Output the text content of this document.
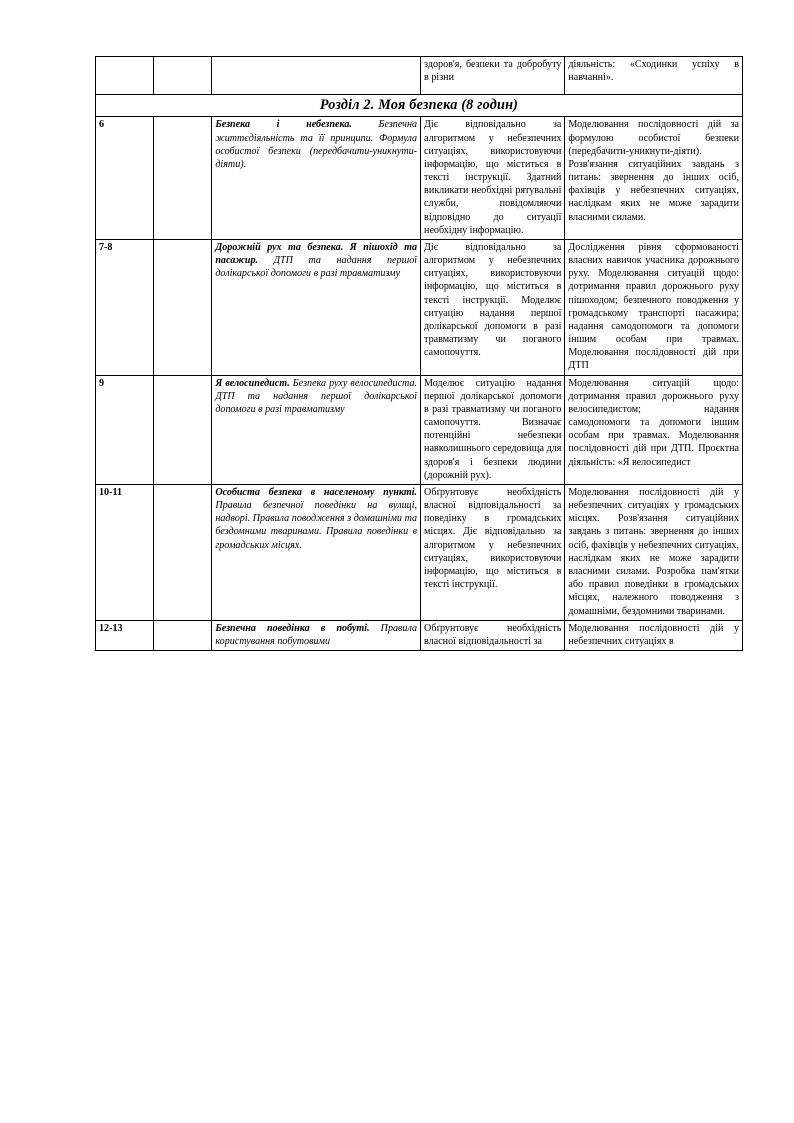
			здоров'я, безпеки та добробуту в різни	діяльність: «Сходинки успіху в навчанні».
Розділ 2. Моя безпека (8 годин)				
6		Безпека і небезпека. Безпечна життєдіяльність та її принципи. Формула особистої безпеки (передбачити-уникнути-діяти).	Діє відповідально за алгоритмом у небезпечних ситуаціях, використовуючи інформацію, що міститься в тексті інструкції. Здатний викликати необхідні рятувальні служби, повідомляючи відповідно до ситуації необхідну інформацію.	Моделювання послідовності дій за формулою особистої безпеки (передбачити-уникнути-діяти). Розв'язання ситуаційних завдань з питань: звернення до інших осіб, фахівців у небезпечних ситуаціях, наслідкам яких не може зарадити власними силами.
7-8		Дорожній рух та безпека. Я пішохід та пасажир. ДТП та надання першої долікарської допомоги в разі травматизму	Діє відповідально за алгоритмом у небезпечних ситуаціях, використовуючи інформацію, що міститься в тексті інструкції. Моделює ситуацію надання першої долікарської допомоги в разі травматизму чи поганого самопочуття.	Дослідження рівня сформованості власних навичок учасника дорожнього руху. Моделювання ситуацій щодо: дотримання правил дорожнього руху пішоходом; безпечного поводження у громадському транспорті пасажира; надання самодопомоги та допомоги іншим особам при травмах. Моделювання послідовності дій при ДТП
9		Я велосипедист. Безпека руху велосипедиста. ДТП та надання першої долікарської допомоги в разі травматизму	Моделює ситуацію надання першої долікарської допомоги в разі травматизму чи поганого самопочуття. Визначає потенційні небезпеки навколишнього середовища для здоров'я і безпеки людини (дорожній рух).	Моделювання ситуацій щодо: дотримання правил дорожнього руху велосипедистом; надання самодопомоги та допомоги іншим особам при травмах. Моделювання послідовності дій при ДТП. Проєктна діяльність: «Я велосипедист
10-11		Особиста безпека в населеному пункті. Правила безпечної поведінки на вулиці, надворі. Правила поводження з домашніми та бездомними тваринами. Правила поведінки в громадських місцях.	Обґрунтовує необхідність власної відповідальності за поведінку в громадських місцях. Діє відповідально за алгоритмом у небезпечних ситуаціях, використовуючи інформацію, що міститься в тексті інструкції.	Моделювання послідовності дій у небезпечних ситуаціях у громадських місцях. Розв'язання ситуаційних завдань з питань: звернення до інших осіб, фахівців у небезпечних ситуаціях, наслідкам яких не може зарадити власними силами. Розробка пам'ятки або правил поведінки в громадських місцях, належного поводження з домашніми, бездомними тваринами.
12-13		Безпечна поведінка в побуті. Правила користування побутовими	Обґрунтовує необхідність власної відповідальності за	Моделювання послідовності дій у небезпечних ситуаціях в
